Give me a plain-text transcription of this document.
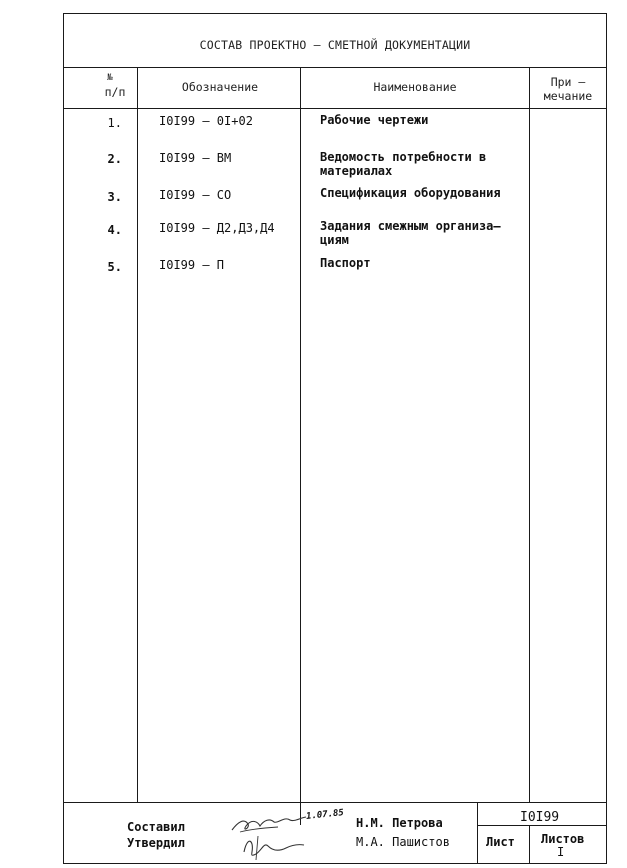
СОСТАВ ПРОЕКТНО – СМЕТНОЙ ДОКУМЕНТАЦИИ
№
п/п	Обозначение	Наименование	При –
мечание
1.	I0I99 – 0I+02	Рабочие чертежи
2.	I0I99 – ВМ	Ведомость потребности в
материалах
3.	I0I99 – СО	Спецификация оборудования
4.	I0I99 – Д2,Д3,Д4	Задания смежным организа–
циям
5.	I0I99 – П	Паспорт
Составил
Утвердил
Н.М. Петрова
М.А. Пашистов
1.07.85	I0I99
Лист Листов
I
